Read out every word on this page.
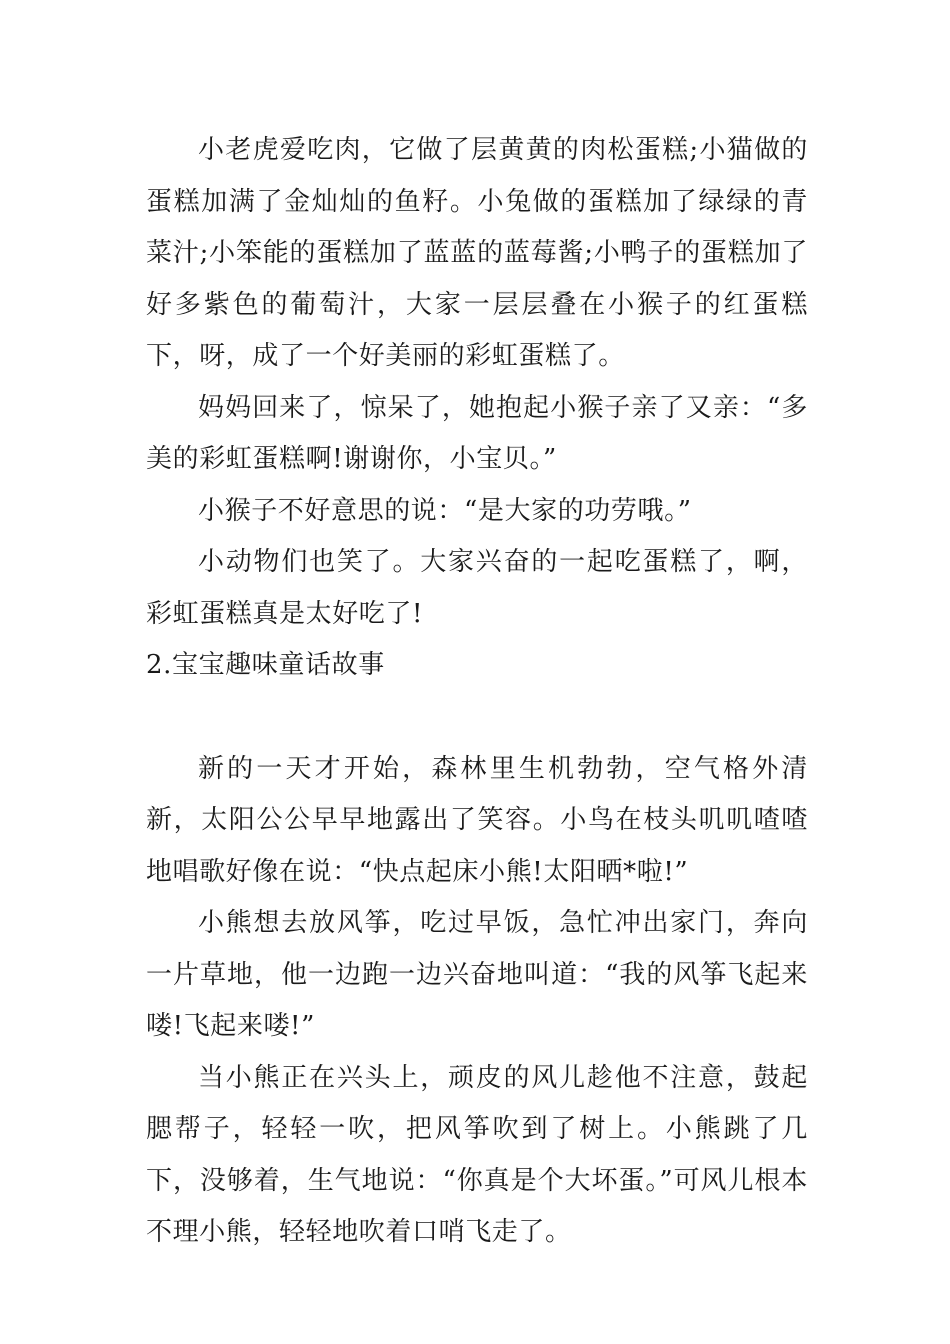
小老虎爱吃肉，它做了层黄黄的肉松蛋糕;小猫做的蛋糕加满了金灿灿的鱼籽。小兔做的蛋糕加了绿绿的青菜汁;小笨能的蛋糕加了蓝蓝的蓝莓酱;小鸭子的蛋糕加了好多紫色的葡萄汁，大家一层层叠在小猴子的红蛋糕下，呀，成了一个好美丽的彩虹蛋糕了。

妈妈回来了，惊呆了，她抱起小猴子亲了又亲：“多美的彩虹蛋糕啊!谢谢你，小宝贝。”

小猴子不好意思的说：“是大家的功劳哦。”

小动物们也笑了。大家兴奋的一起吃蛋糕了，啊，彩虹蛋糕真是太好吃了!

2.宝宝趣味童话故事

新的一天才开始，森林里生机勃勃，空气格外清新，太阳公公早早地露出了笑容。小鸟在枝头叽叽喳喳地唱歌好像在说：“快点起床小熊!太阳晒*啦!”

小熊想去放风筝，吃过早饭，急忙冲出家门，奔向一片草地，他一边跑一边兴奋地叫道：“我的风筝飞起来喽!飞起来喽!”

当小熊正在兴头上，顽皮的风儿趁他不注意，鼓起腮帮子，轻轻一吹，把风筝吹到了树上。小熊跳了几下，没够着，生气地说：“你真是个大坏蛋。”可风儿根本不理小熊，轻轻地吹着口哨飞走了。
